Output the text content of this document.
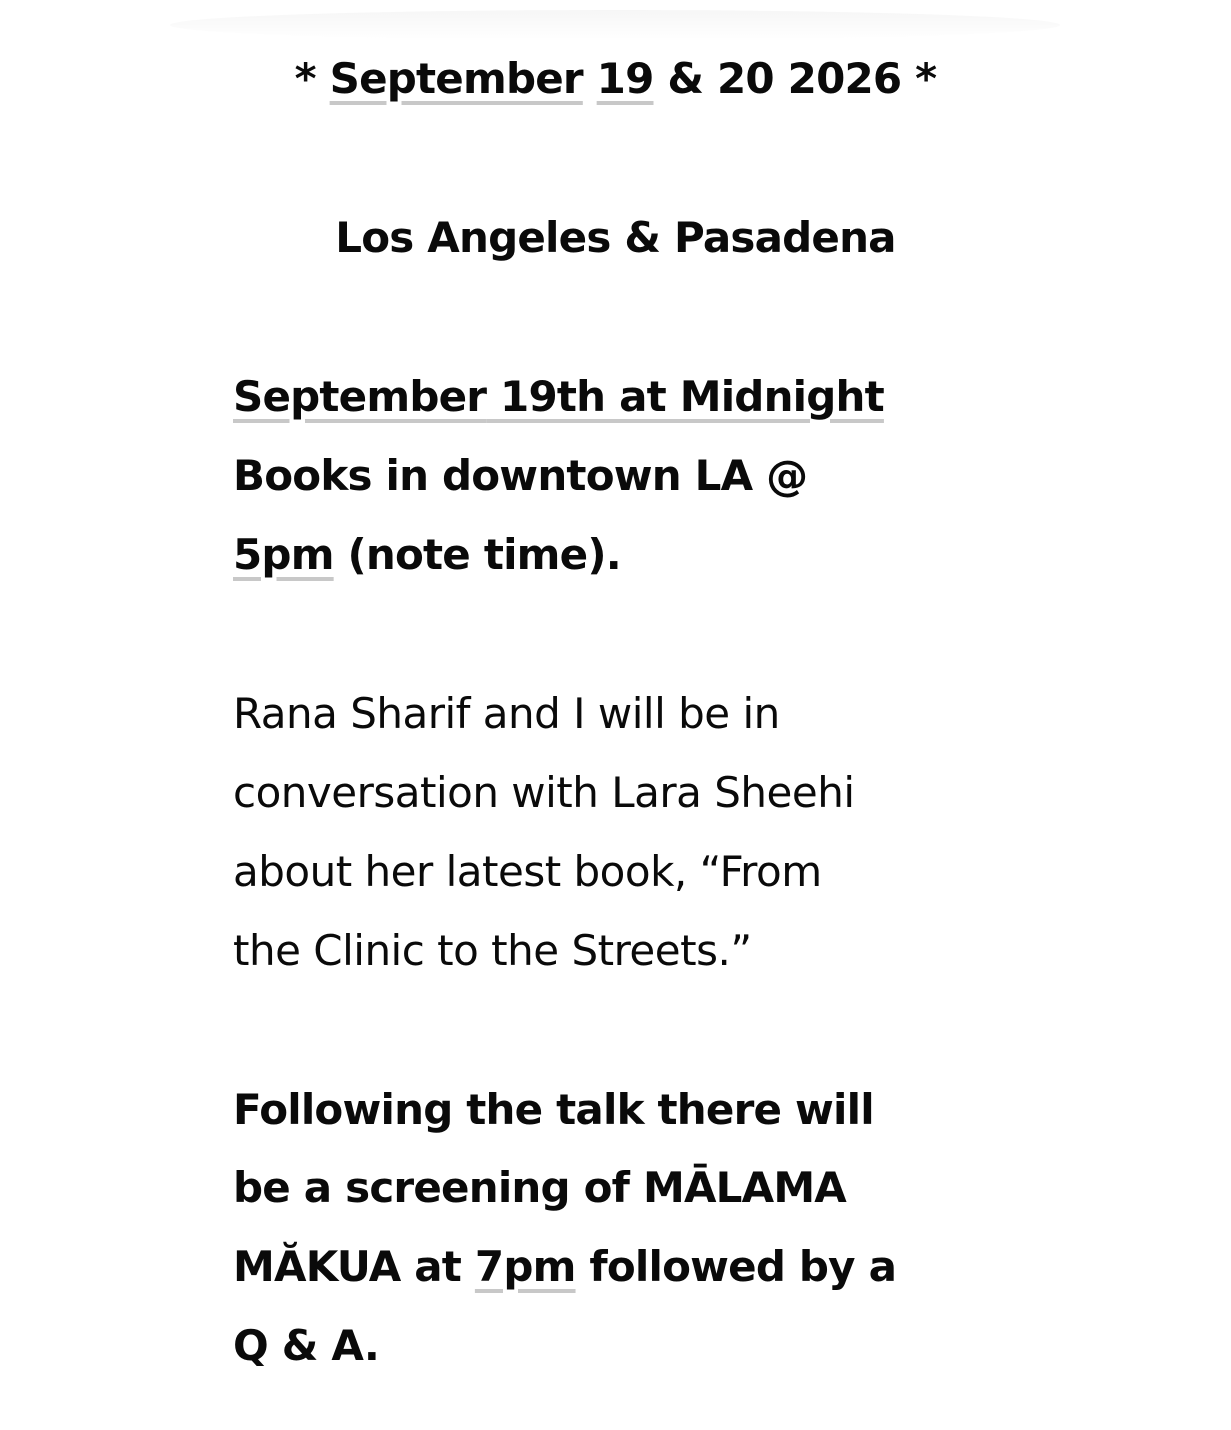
* September 19 & 20 2026 *
Los Angeles & Pasadena
September 19th at Midnight
Books in downtown LA @
5pm (note time).
Rana Sharif and I will be in
conversation with Lara Sheehi
about her latest book, “From
the Clinic to the Streets.”
Following the talk there will
be a screening of MĀLAMA
MĂKUA at 7pm followed by a
Q & A.
